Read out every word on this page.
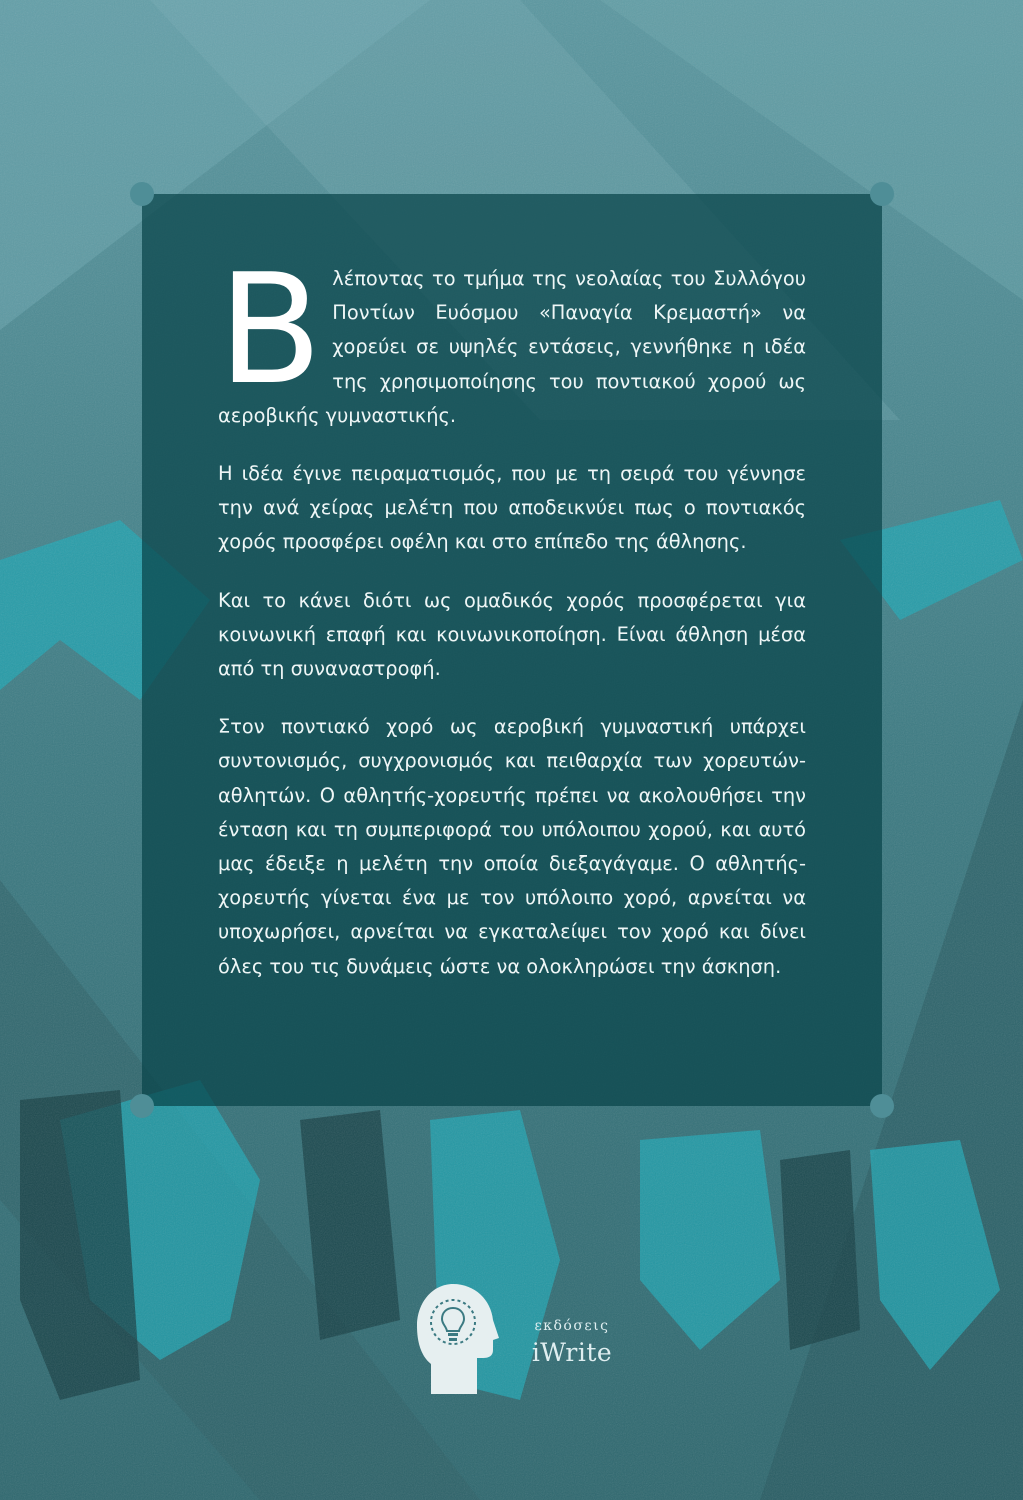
Βλέποντας το τμήμα της νεολαίας του Συλλόγου Ποντίων Ευόσμου «Παναγία Κρεμαστή» να χορεύει σε υψηλές εντάσεις, γεννήθηκε η ιδέα της χρησιμοποίησης του ποντιακού χορού ως αεροβικής γυμναστικής.

Η ιδέα έγινε πειραματισμός, που με τη σειρά του γέννησε την ανά χείρας μελέτη που αποδεικνύει πως ο ποντιακός χορός προσφέρει οφέλη και στο επίπεδο της άθλησης.

Και το κάνει διότι ως ομαδικός χορός προσφέρεται για κοινωνική επαφή και κοινωνικοποίηση. Είναι άθληση μέσα από τη συναναστροφή.

Στον ποντιακό χορό ως αεροβική γυμναστική υπάρχει συντονισμός, συγχρονισμός και πειθαρχία των χορευτών-αθλητών. Ο αθλητής-χορευτής πρέπει να ακολουθήσει την ένταση και τη συμπεριφορά του υπόλοιπου χορού, και αυτό μας έδειξε η μελέτη την οποία διεξαγάγαμε. Ο αθλητής-χορευτής γίνεται ένα με τον υπόλοιπο χορό, αρνείται να υποχωρήσει, αρνείται να εγκαταλείψει τον χορό και δίνει όλες του τις δυνάμεις ώστε να ολοκληρώσει την άσκηση.

εκδόσεις
iWrite
